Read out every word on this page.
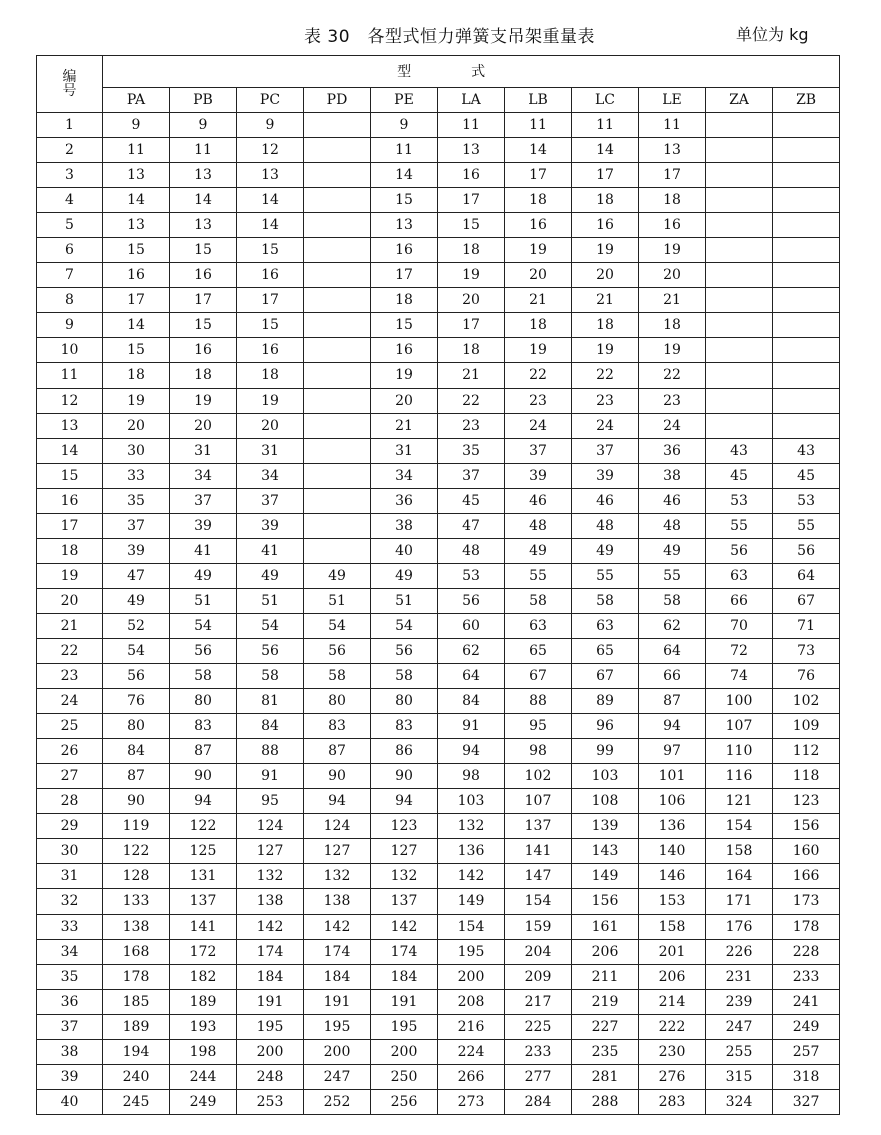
表 30　各型式恒力弹簧支吊架重量表	单位为 kg
编
号	型式										
	PA	PB	PC	PD	PE	LA	LB	LC	LE	ZA	ZB
1	9	9	9		9	11	11	11	11		
2	11	11	12		11	13	14	14	13		
3	13	13	13		14	16	17	17	17		
4	14	14	14		15	17	18	18	18		
5	13	13	14		13	15	16	16	16		
6	15	15	15		16	18	19	19	19		
7	16	16	16		17	19	20	20	20		
8	17	17	17		18	20	21	21	21		
9	14	15	15		15	17	18	18	18		
10	15	16	16		16	18	19	19	19		
11	18	18	18		19	21	22	22	22		
12	19	19	19		20	22	23	23	23		
13	20	20	20		21	23	24	24	24		
14	30	31	31		31	35	37	37	36	43	43
15	33	34	34		34	37	39	39	38	45	45
16	35	37	37		36	45	46	46	46	53	53
17	37	39	39		38	47	48	48	48	55	55
18	39	41	41		40	48	49	49	49	56	56
19	47	49	49	49	49	53	55	55	55	63	64
20	49	51	51	51	51	56	58	58	58	66	67
21	52	54	54	54	54	60	63	63	62	70	71
22	54	56	56	56	56	62	65	65	64	72	73
23	56	58	58	58	58	64	67	67	66	74	76
24	76	80	81	80	80	84	88	89	87	100	102
25	80	83	84	83	83	91	95	96	94	107	109
26	84	87	88	87	86	94	98	99	97	110	112
27	87	90	91	90	90	98	102	103	101	116	118
28	90	94	95	94	94	103	107	108	106	121	123
29	119	122	124	124	123	132	137	139	136	154	156
30	122	125	127	127	127	136	141	143	140	158	160
31	128	131	132	132	132	142	147	149	146	164	166
32	133	137	138	138	137	149	154	156	153	171	173
33	138	141	142	142	142	154	159	161	158	176	178
34	168	172	174	174	174	195	204	206	201	226	228
35	178	182	184	184	184	200	209	211	206	231	233
36	185	189	191	191	191	208	217	219	214	239	241
37	189	193	195	195	195	216	225	227	222	247	249
38	194	198	200	200	200	224	233	235	230	255	257
39	240	244	248	247	250	266	277	281	276	315	318
40	245	249	253	252	256	273	284	288	283	324	327
